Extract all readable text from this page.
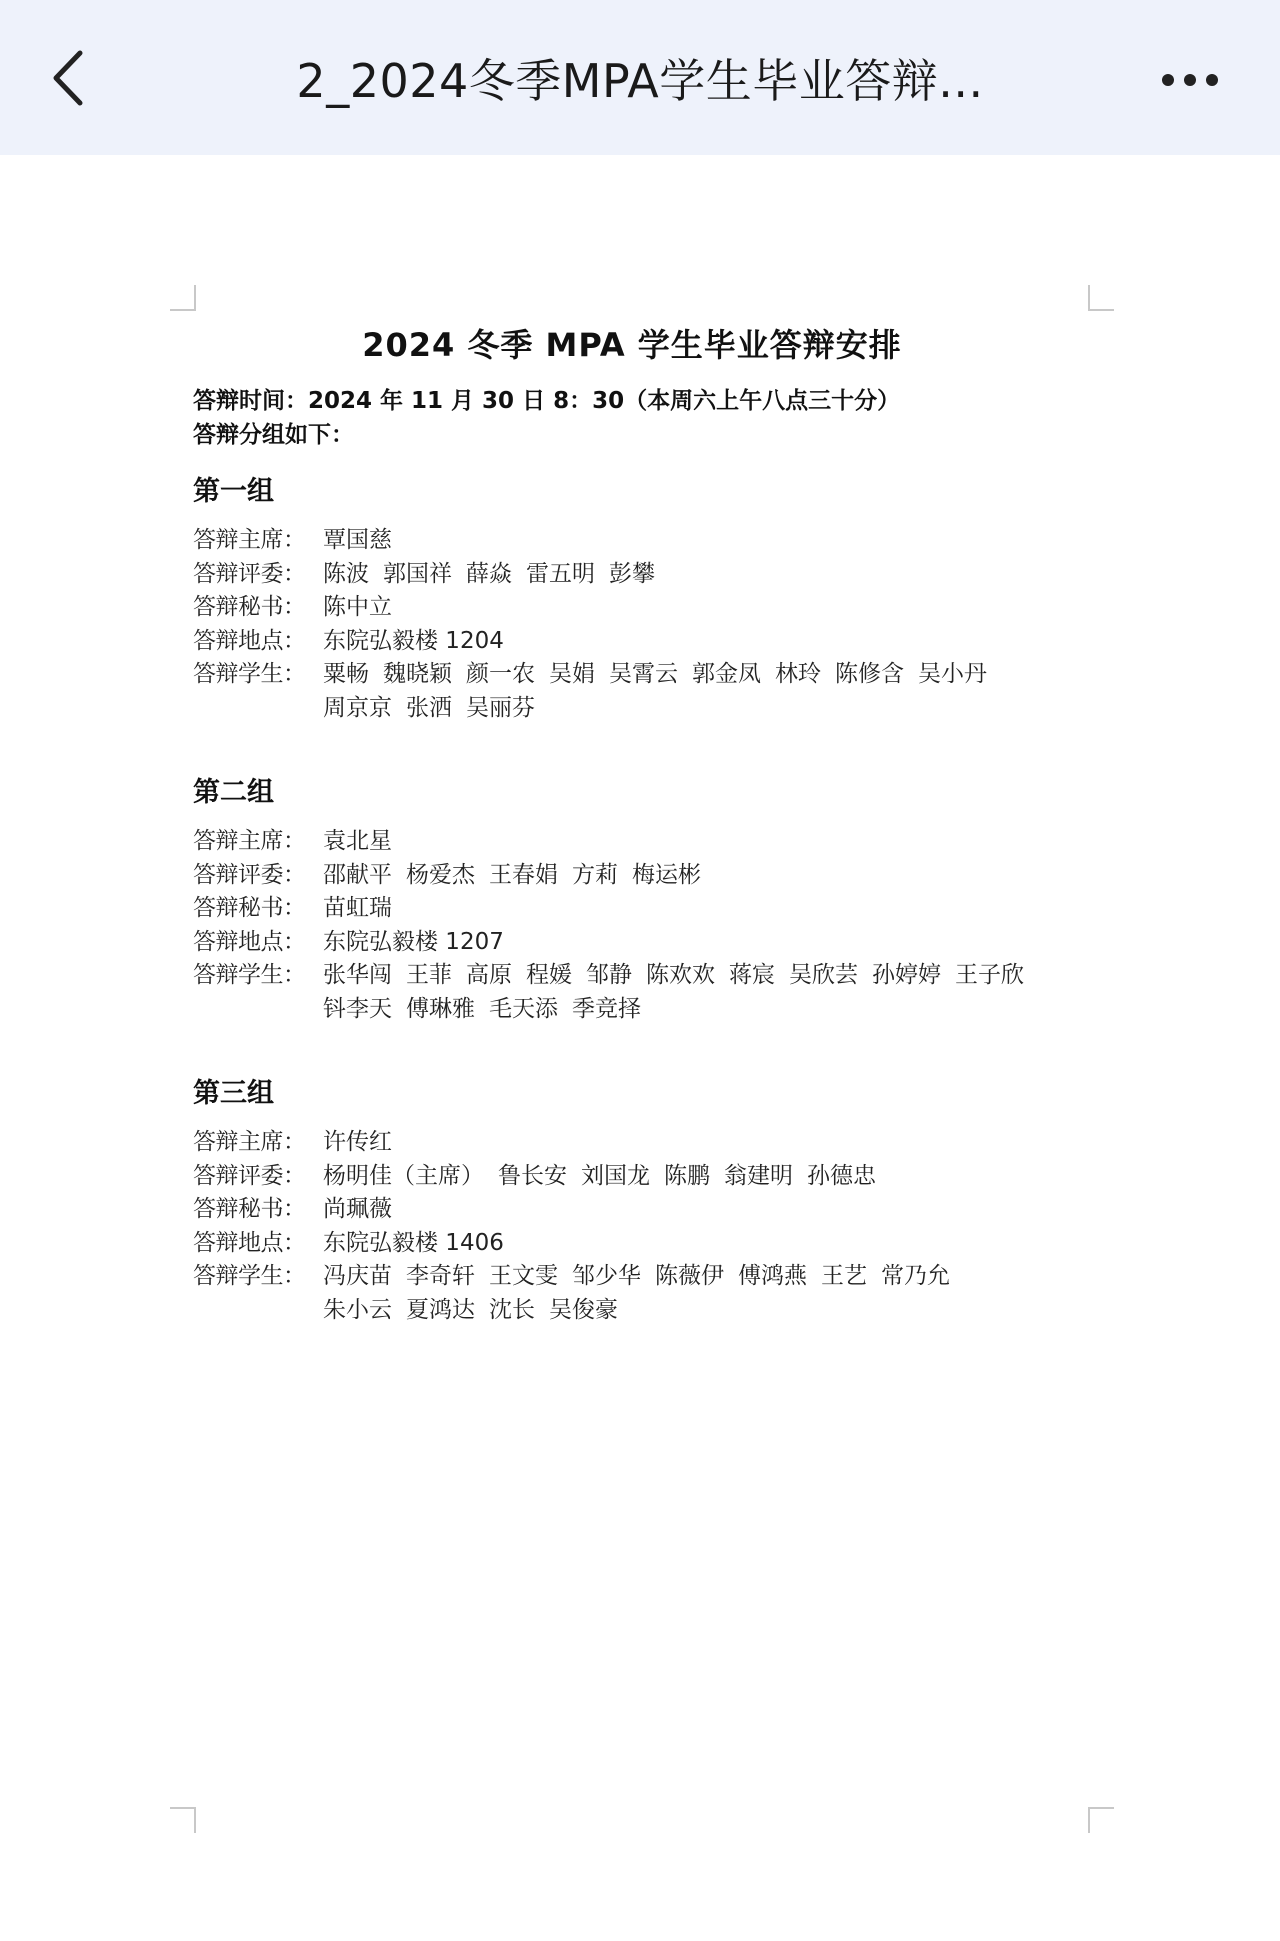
2_2024冬季MPA学生毕业答辩...
2024 冬季 MPA 学生毕业答辩安排
答辩时间：2024 年 11 月 30 日 8：30（本周六上午八点三十分）
答辩分组如下：
第一组
答辩主席： 覃国慈
答辩评委： 陈波 郭国祥 薛焱 雷五明 彭攀
答辩秘书： 陈中立
答辩地点： 东院弘毅楼 1204
答辩学生： 粟畅 魏晓颖 颜一农 吴娟 吴霄云 郭金凤 林玲 陈修含 吴小丹
周京京 张洒 吴丽芬
第二组
答辩主席： 袁北星
答辩评委： 邵献平 杨爱杰 王春娟 方莉 梅运彬
答辩秘书： 苗虹瑞
答辩地点： 东院弘毅楼 1207
答辩学生： 张华闯 王菲 高原 程媛 邹静 陈欢欢 蒋宸 吴欣芸 孙婷婷 王子欣
钭李天 傅琳雅 毛天添 季竞择
第三组
答辩主席： 许传红
答辩评委： 杨明佳（主席） 鲁长安 刘国龙 陈鹏 翁建明 孙德忠
答辩秘书： 尚珮薇
答辩地点： 东院弘毅楼 1406
答辩学生： 冯庆苗 李奇轩 王文雯 邹少华 陈薇伊 傅鸿燕 王艺 常乃允
朱小云 夏鸿达 沈长 吴俊豪
